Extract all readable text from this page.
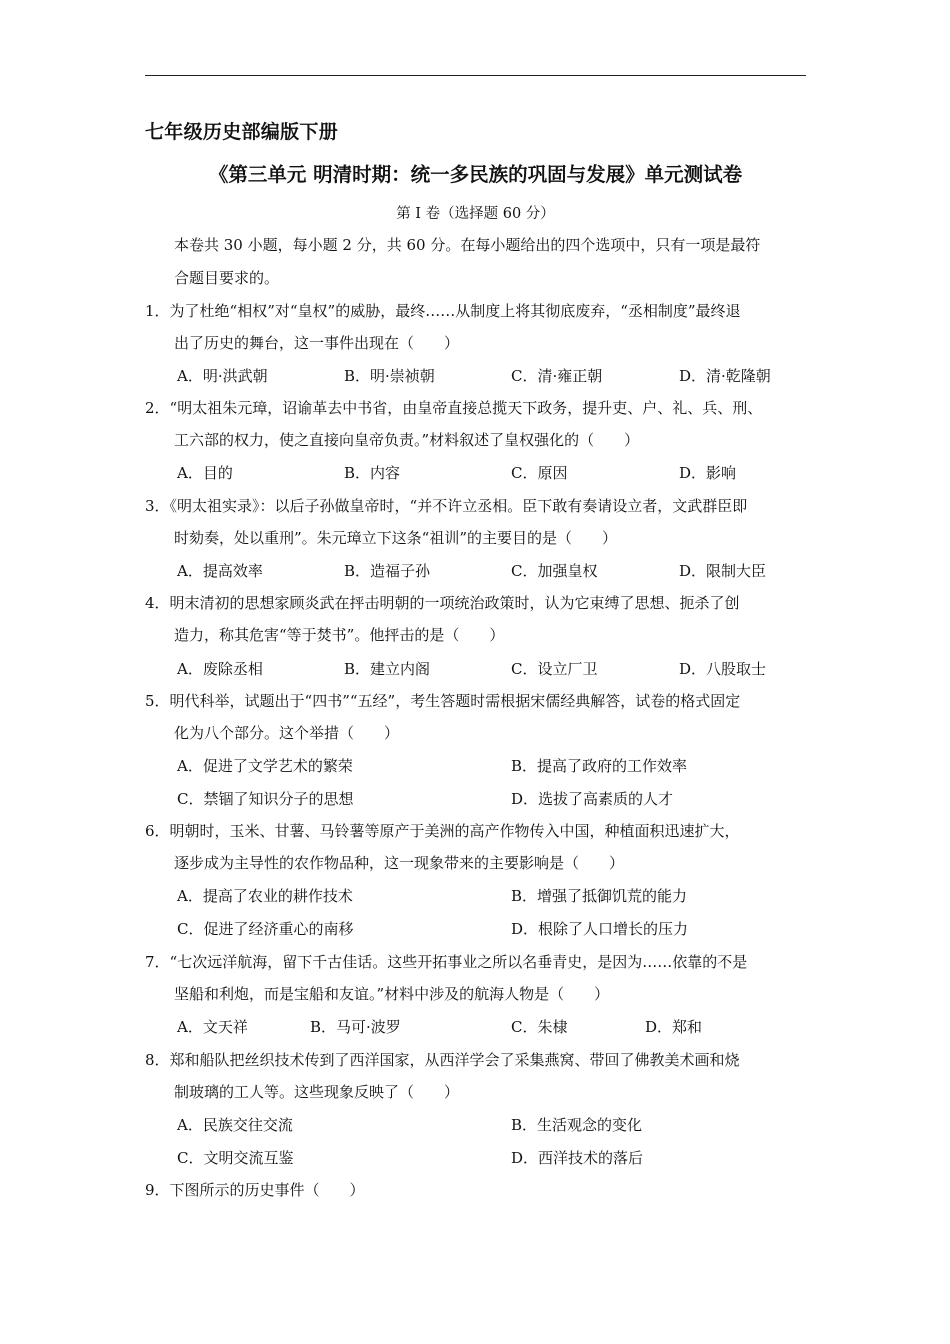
七年级历史部编版下册
《第三单元 明清时期：统一多民族的巩固与发展》单元测试卷
第 I 卷（选择题 60 分）
本卷共 30 小题，每小题 2 分，共 60 分。在每小题给出的四个选项中，只有一项是最符
合题目要求的。
1．为了杜绝“相权”对“皇权”的威胁，最终……从制度上将其彻底废弃，“丞相制度”最终退
出了历史的舞台，这一事件出现在（　　）
A．明·洪武朝	B．明·崇祯朝	C．清·雍正朝	D．清·乾隆朝
2．“明太祖朱元璋，诏谕革去中书省，由皇帝直接总揽天下政务，提升吏、户、礼、兵、刑、
工六部的权力，使之直接向皇帝负责。”材料叙述了皇权强化的（　　）
A．目的	B．内容	C．原因	D．影响
3．《明太祖实录》：以后子孙做皇帝时，“并不许立丞相。臣下敢有奏请设立者，文武群臣即
时劾奏，处以重刑”。朱元璋立下这条“祖训”的主要目的是（　　）
A．提高效率	B．造福子孙	C．加强皇权	D．限制大臣
4．明末清初的思想家顾炎武在抨击明朝的一项统治政策时，认为它束缚了思想、扼杀了创
造力，称其危害“等于焚书”。他抨击的是（　　）
A．废除丞相	B．建立内阁	C．设立厂卫	D．八股取士
5．明代科举，试题出于“四书”“五经”，考生答题时需根据宋儒经典解答，试卷的格式固定
化为八个部分。这个举措（　　）
A．促进了文学艺术的繁荣	B．提高了政府的工作效率
C．禁锢了知识分子的思想	D．选拔了高素质的人才
6．明朝时，玉米、甘薯、马铃薯等原产于美洲的高产作物传入中国，种植面积迅速扩大，
逐步成为主导性的农作物品种，这一现象带来的主要影响是（　　）
A．提高了农业的耕作技术	B．增强了抵御饥荒的能力
C．促进了经济重心的南移	D．根除了人口增长的压力
7．“七次远洋航海，留下千古佳话。这些开拓事业之所以名垂青史，是因为……依靠的不是
坚船和利炮，而是宝船和友谊。”材料中涉及的航海人物是（　　）
A．文天祥	B．马可·波罗	C．朱棣	D．郑和
8．郑和船队把丝织技术传到了西洋国家，从西洋学会了采集燕窝、带回了佛教美术画和烧
制玻璃的工人等。这些现象反映了（　　）
A．民族交往交流	B．生活观念的变化
C．文明交流互鉴	D．西洋技术的落后
9．下图所示的历史事件（　　）
